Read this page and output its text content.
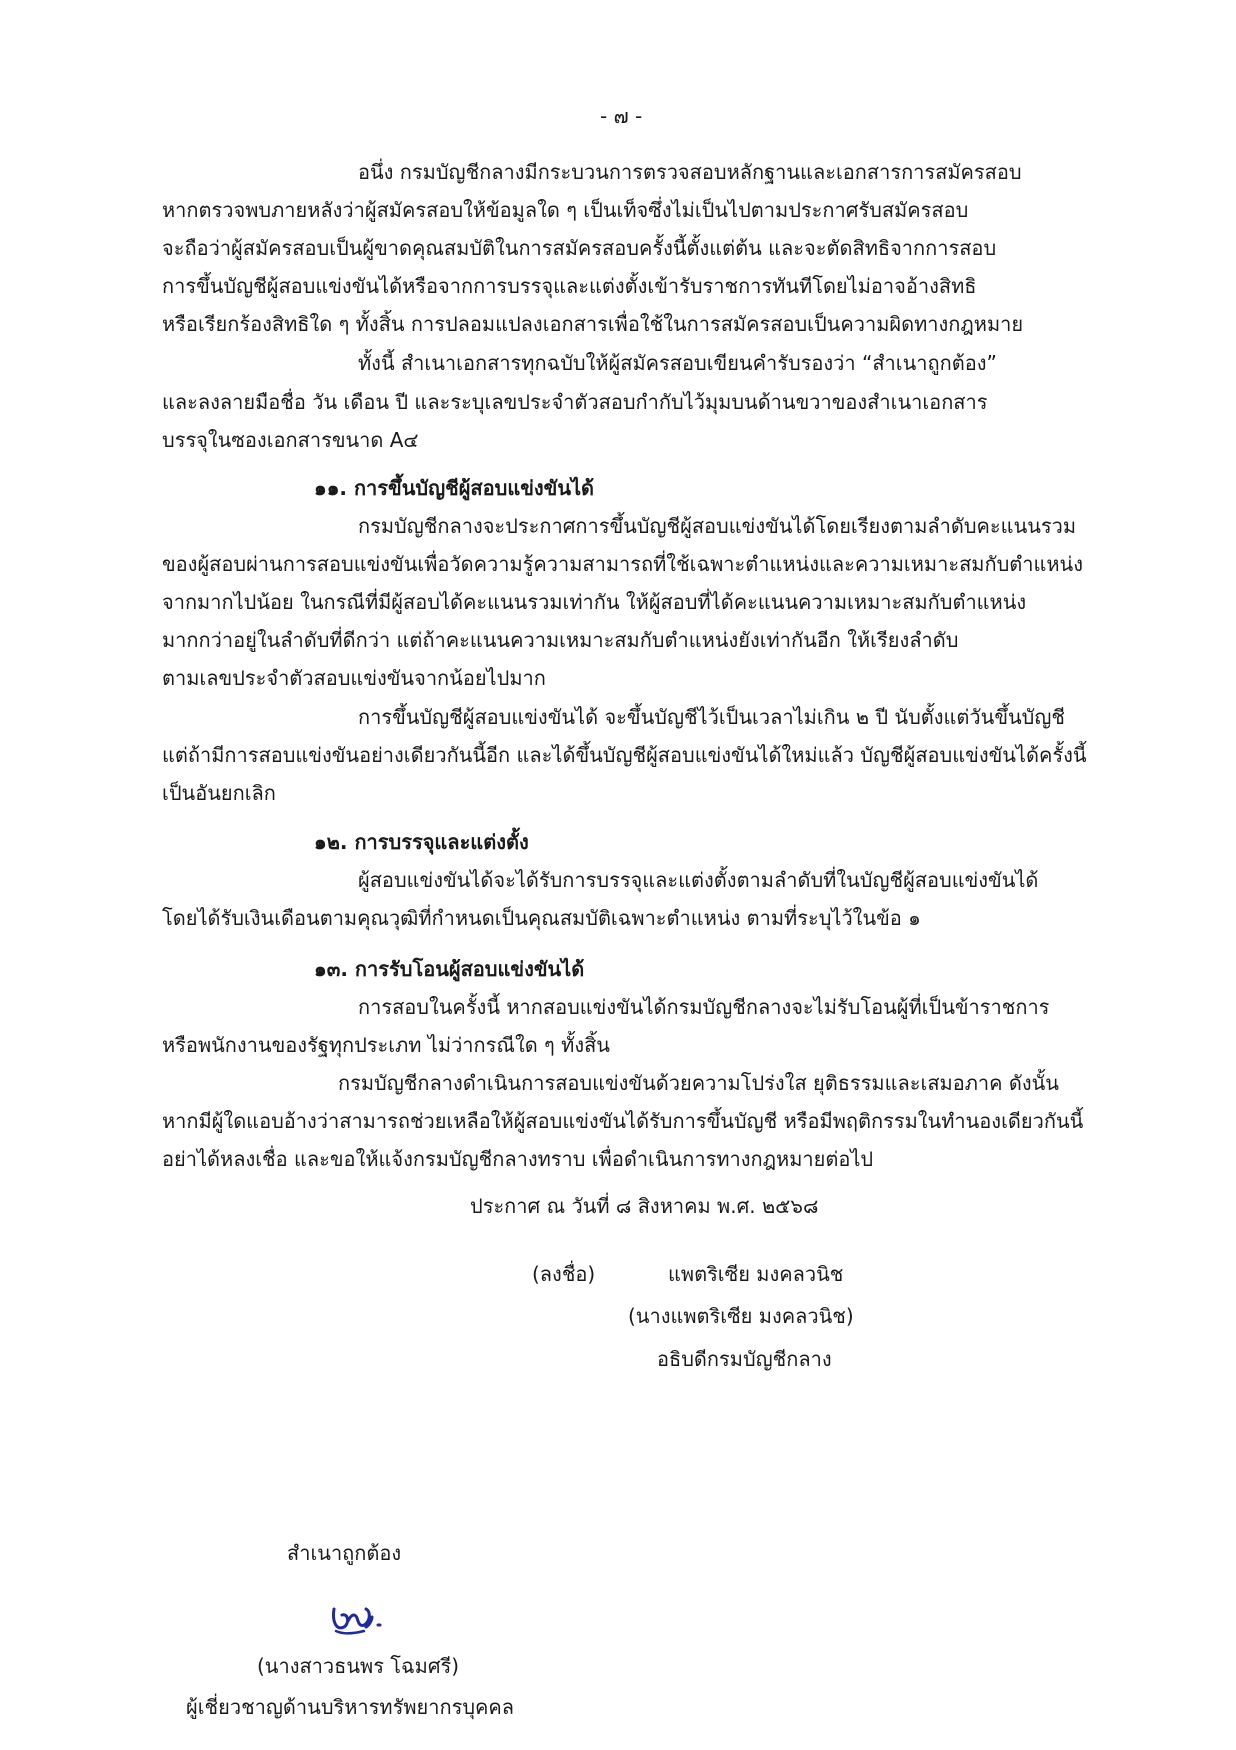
- ๗ -
อนึ่ง กรมบัญชีกลางมีกระบวนการตรวจสอบหลักฐานและเอกสารการสมัครสอบ
หากตรวจพบภายหลังว่าผู้สมัครสอบให้ข้อมูลใด ๆ เป็นเท็จซึ่งไม่เป็นไปตามประกาศรับสมัครสอบ
จะถือว่าผู้สมัครสอบเป็นผู้ขาดคุณสมบัติในการสมัครสอบครั้งนี้ตั้งแต่ต้น และจะตัดสิทธิจากการสอบ
การขึ้นบัญชีผู้สอบแข่งขันได้หรือจากการบรรจุและแต่งตั้งเข้ารับราชการทันทีโดยไม่อาจอ้างสิทธิ
หรือเรียกร้องสิทธิใด ๆ ทั้งสิ้น การปลอมแปลงเอกสารเพื่อใช้ในการสมัครสอบเป็นความผิดทางกฎหมาย
ทั้งนี้ สำเนาเอกสารทุกฉบับให้ผู้สมัครสอบเขียนคำรับรองว่า “สำเนาถูกต้อง”
และลงลายมือชื่อ วัน เดือน ปี และระบุเลขประจำตัวสอบกำกับไว้มุมบนด้านขวาของสำเนาเอกสาร
บรรจุในซองเอกสารขนาด A๔
๑๑. การขึ้นบัญชีผู้สอบแข่งขันได้
กรมบัญชีกลางจะประกาศการขึ้นบัญชีผู้สอบแข่งขันได้โดยเรียงตามลำดับคะแนนรวม
ของผู้สอบผ่านการสอบแข่งขันเพื่อวัดความรู้ความสามารถที่ใช้เฉพาะตำแหน่งและความเหมาะสมกับตำแหน่ง
จากมากไปน้อย ในกรณีที่มีผู้สอบได้คะแนนรวมเท่ากัน ให้ผู้สอบที่ได้คะแนนความเหมาะสมกับตำแหน่ง
มากกว่าอยู่ในลำดับที่ดีกว่า แต่ถ้าคะแนนความเหมาะสมกับตำแหน่งยังเท่ากันอีก ให้เรียงลำดับ
ตามเลขประจำตัวสอบแข่งขันจากน้อยไปมาก
การขึ้นบัญชีผู้สอบแข่งขันได้ จะขึ้นบัญชีไว้เป็นเวลาไม่เกิน ๒ ปี นับตั้งแต่วันขึ้นบัญชี
แต่ถ้ามีการสอบแข่งขันอย่างเดียวกันนี้อีก และได้ขึ้นบัญชีผู้สอบแข่งขันได้ใหม่แล้ว บัญชีผู้สอบแข่งขันได้ครั้งนี้
เป็นอันยกเลิก
๑๒. การบรรจุและแต่งตั้ง
ผู้สอบแข่งขันได้จะได้รับการบรรจุและแต่งตั้งตามลำดับที่ในบัญชีผู้สอบแข่งขันได้
โดยได้รับเงินเดือนตามคุณวุฒิที่กำหนดเป็นคุณสมบัติเฉพาะตำแหน่ง ตามที่ระบุไว้ในข้อ ๑
๑๓. การรับโอนผู้สอบแข่งขันได้
การสอบในครั้งนี้ หากสอบแข่งขันได้กรมบัญชีกลางจะไม่รับโอนผู้ที่เป็นข้าราชการ
หรือพนักงานของรัฐทุกประเภท ไม่ว่ากรณีใด ๆ ทั้งสิ้น
กรมบัญชีกลางดำเนินการสอบแข่งขันด้วยความโปร่งใส ยุติธรรมและเสมอภาค ดังนั้น
หากมีผู้ใดแอบอ้างว่าสามารถช่วยเหลือให้ผู้สอบแข่งขันได้รับการขึ้นบัญชี หรือมีพฤติกรรมในทำนองเดียวกันนี้
อย่าได้หลงเชื่อ และขอให้แจ้งกรมบัญชีกลางทราบ เพื่อดำเนินการทางกฎหมายต่อไป
ประกาศ ณ วันที่ ๘ สิงหาคม พ.ศ. ๒๕๖๘
(ลงชื่อ)	แพตริเซีย มงคลวนิช
(นางแพตริเซีย มงคลวนิช)
อธิบดีกรมบัญชีกลาง
สำเนาถูกต้อง
(นางสาวธนพร โฉมศรี)
ผู้เชี่ยวชาญด้านบริหารทรัพยากรบุคคล
